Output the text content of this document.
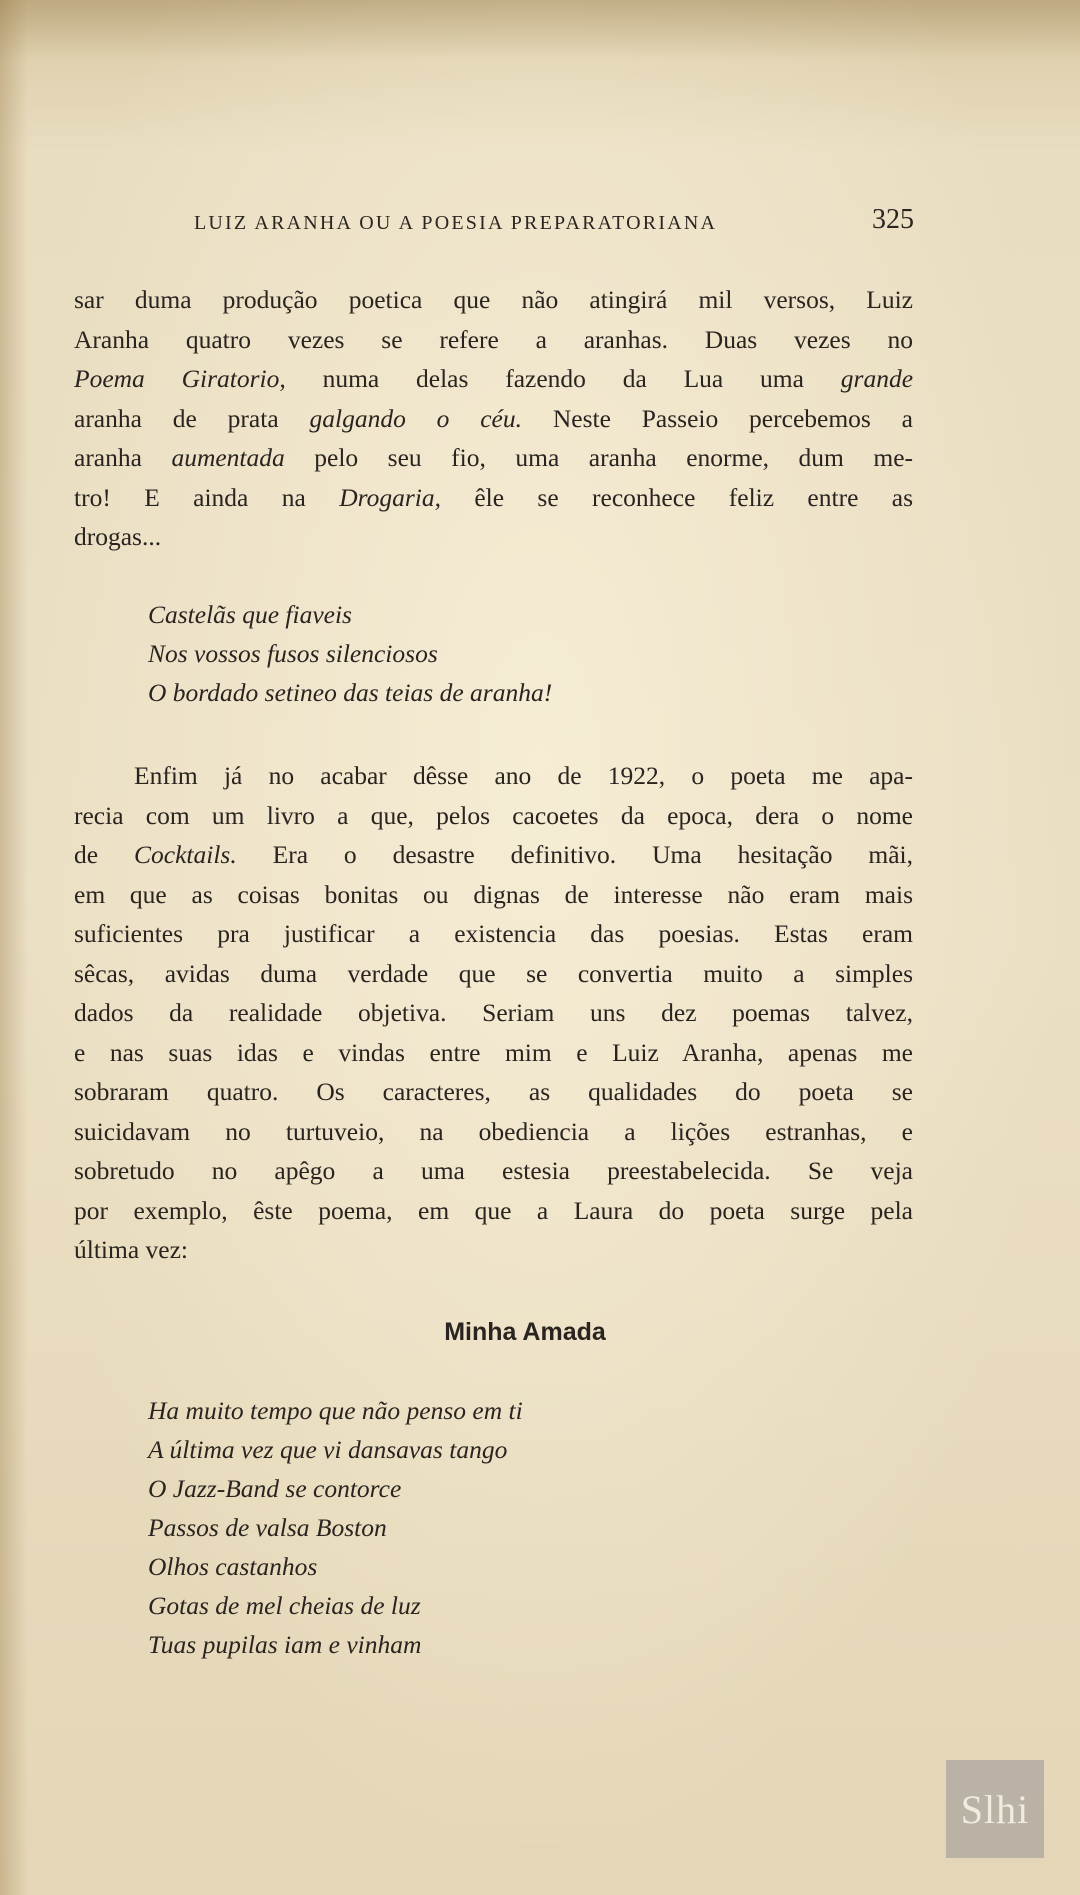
LUIZ ARANHA OU A POESIA PREPARATORIANA	325
sar duma produção poetica que não atingirá mil versos, Luiz
Aranha quatro vezes se refere a aranhas. Duas vezes no
Poema Giratorio, numa delas fazendo da Lua uma grande
aranha de prata galgando o céu. Neste Passeio percebemos a
aranha aumentada pelo seu fio, uma aranha enorme, dum me-
tro! E ainda na Drogaria, êle se reconhece feliz entre as
drogas...
Castelãs que fiaveis
Nos vossos fusos silenciosos
O bordado setineo das teias de aranha!
Enfim já no acabar dêsse ano de 1922, o poeta me apa-
recia com um livro a que, pelos cacoetes da epoca, dera o nome
de Cocktails. Era o desastre definitivo. Uma hesitação mãi,
em que as coisas bonitas ou dignas de interesse não eram mais
suficientes pra justificar a existencia das poesias. Estas eram
sêcas, avidas duma verdade que se convertia muito a simples
dados da realidade objetiva. Seriam uns dez poemas talvez,
e nas suas idas e vindas entre mim e Luiz Aranha, apenas me
sobraram quatro. Os caracteres, as qualidades do poeta se
suicidavam no turtuveio, na obediencia a lições estranhas, e
sobretudo no apêgo a uma estesia preestabelecida. Se veja
por exemplo, êste poema, em que a Laura do poeta surge pela
última vez:
Minha Amada
Ha muito tempo que não penso em ti
A última vez que vi dansavas tango
O Jazz-Band se contorce
Passos de valsa Boston
Olhos castanhos
Gotas de mel cheias de luz
Tuas pupilas iam e vinham
Slhi
